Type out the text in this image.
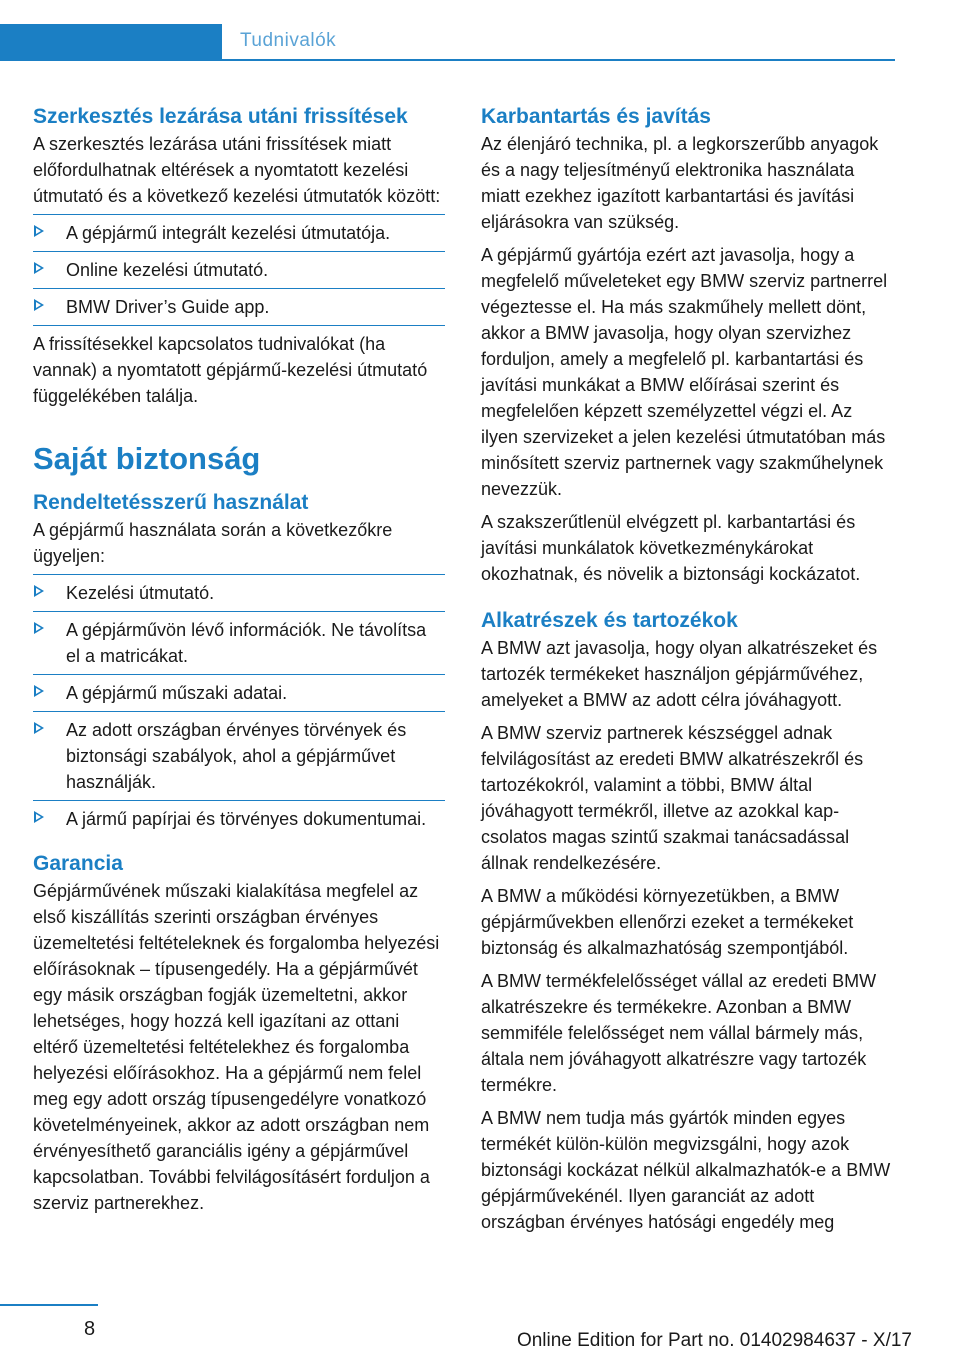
Tudnivalók
Szerkesztés lezárása utáni frissítések

A szerkesztés lezárása utáni frissítések miatt előfordulhatnak eltérések a nyomtatott kezelési útmutató és a következő kezelési útmutatók között:

A gépjármű integrált kezelési útmutatója.
Online kezelési útmutató.
BMW Driver’s Guide app.

A frissítésekkel kapcsolatos tudnivalókat (ha vannak) a nyomtatott gépjármű-kezelési útmutató függelékében találja.

Saját biztonság
Rendeltetésszerű használat

A gépjármű használata során a következőkre ügyeljen:

Kezelési útmutató.
A gépjárművön lévő információk. Ne távolítsa el a matricákat.
A gépjármű műszaki adatai.
Az adott országban érvényes törvények és biztonsági szabályok, ahol a gépjárművet használják.
A jármű papírjai és törvényes dokumentumai.
Garancia

Gépjárművének műszaki kialakítása megfelel az első kiszállítás szerinti országban érvényes üzemeltetési feltételeknek és forgalomba helyezési előírásoknak – típusengedély. Ha a gépjárművét egy másik országban fogják üzemeltetni, akkor lehetséges, hogy hozzá kell igazítani az ottani eltérő üzemeltetési feltételekhez és forgalomba helyezési előírásokhoz. Ha a gépjármű nem felel meg egy adott ország típusengedélyre vonatkozó követelményeinek, akkor az adott országban nem érvényesíthető garanciális igény a gépjárművel kapcsolatban. További felvilágosításért forduljon a szerviz partnerekhez.

Karbantartás és javítás

Az élenjáró technika, pl. a legkorszerűbb anyagok és a nagy teljesítményű elektronika használata miatt ezekhez igazított karbantartási és javítási eljárásokra van szükség.

A gépjármű gyártója ezért azt javasolja, hogy a megfelelő műveleteket egy BMW szerviz partnerrel végeztesse el. Ha más szakműhely mellett dönt, akkor a BMW javasolja, hogy olyan szervizhez forduljon, amely a megfelelő pl. karbantartási és javítási munkákat a BMW előírásai szerint és megfelelően képzett személyzettel végzi el. Az ilyen szervizeket a jelen kezelési útmutatóban más minősített szerviz partnernek vagy szakműhelynek nevezzük.

A szakszerűtlenül elvégzett pl. karbantartási és javítási munkálatok következménykárokat okozhatnak, és növelik a biztonsági kockázatot.

Alkatrészek és tartozékok

A BMW azt javasolja, hogy olyan alkatrészeket és tartozék termékeket használjon gépjárművéhez, amelyeket a BMW az adott célra jóváhagyott.

A BMW szerviz partnerek készséggel adnak felvilágosítást az eredeti BMW alkatrészekről és tartozékokról, valamint a többi, BMW által jóváhagyott termékről, illetve az azokkal kapcsolatos magas szintű szakmai tanácsadással állnak rendelkezésére.

A BMW a működési környezetükben, a BMW gépjárművekben ellenőrzi ezeket a termékeket biztonság és alkalmazhatóság szempontjából.

A BMW termékfelelősséget vállal az eredeti BMW alkatrészekre és termékekre. Azonban a BMW semmiféle felelősséget nem vállal bármely más, általa nem jóváhagyott alkatrészre vagy tartozék termékre.

A BMW nem tudja más gyártók minden egyes termékét külön-külön megvizsgálni, hogy azok biztonsági kockázat nélkül alkalmazhatók-e a BMW gépjárművekénél. Ilyen garanciát az adott országban érvényes hatósági engedély meg

8
Online Edition for Part no. 01402984637 - X/17
